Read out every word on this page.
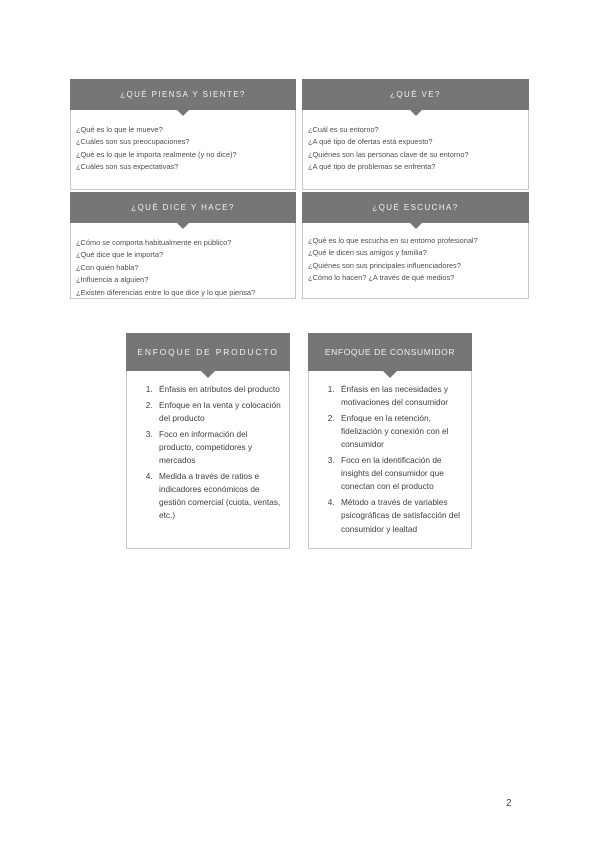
¿QUÉ PIENSA Y SIENTE?

¿Qué es lo que le mueve?

¿Cuáles son sus preocupaciones?

¿Qué es lo que le importa realmente (y no dice)?

¿Cuáles son sus expectativas?

¿QUÉ VE?

¿Cuál es su entorno?

¿A qué tipo de ofertas está expuesto?

¿Quiénes son las personas clave de su entorno?

¿A qué tipo de problemas se enfrenta?

¿QUÉ DICE Y HACE?

¿Cómo se comporta habitualmente en público?

¿Qué dice que le importa?

¿Con quién habla?

¿Influencia a alguien?

¿Existen diferencias entre lo que dice y lo que piensa?

¿QUÉ ESCUCHA?

¿Qué es lo que escucha en su entorno profesional?

¿Qué le dicen sus amigos y familia?

¿Quiénes son sus principales influenciadores?

¿Cómo lo hacen? ¿A través de qué medios?

ENFOQUE DE PRODUCTO
1. Énfasis en atributos del producto
2. Enfoque en la venta y colocación del producto
3. Foco en información del producto, competidores y mercados
4. Medida a través de ratios e indicadores económicos de gestión comercial (cuota, ventas, etc.)
ENFOQUE DE CONSUMIDOR
1. Énfasis en las necesidades y motivaciones del consumidor
2. Enfoque en la retención, fidelización y conexión con el consumidor
3. Foco en la identificación de insights del consumidor que conectan con el producto
4. Método a través de variables psicográficas de satisfacción del consumidor y lealtad
2
